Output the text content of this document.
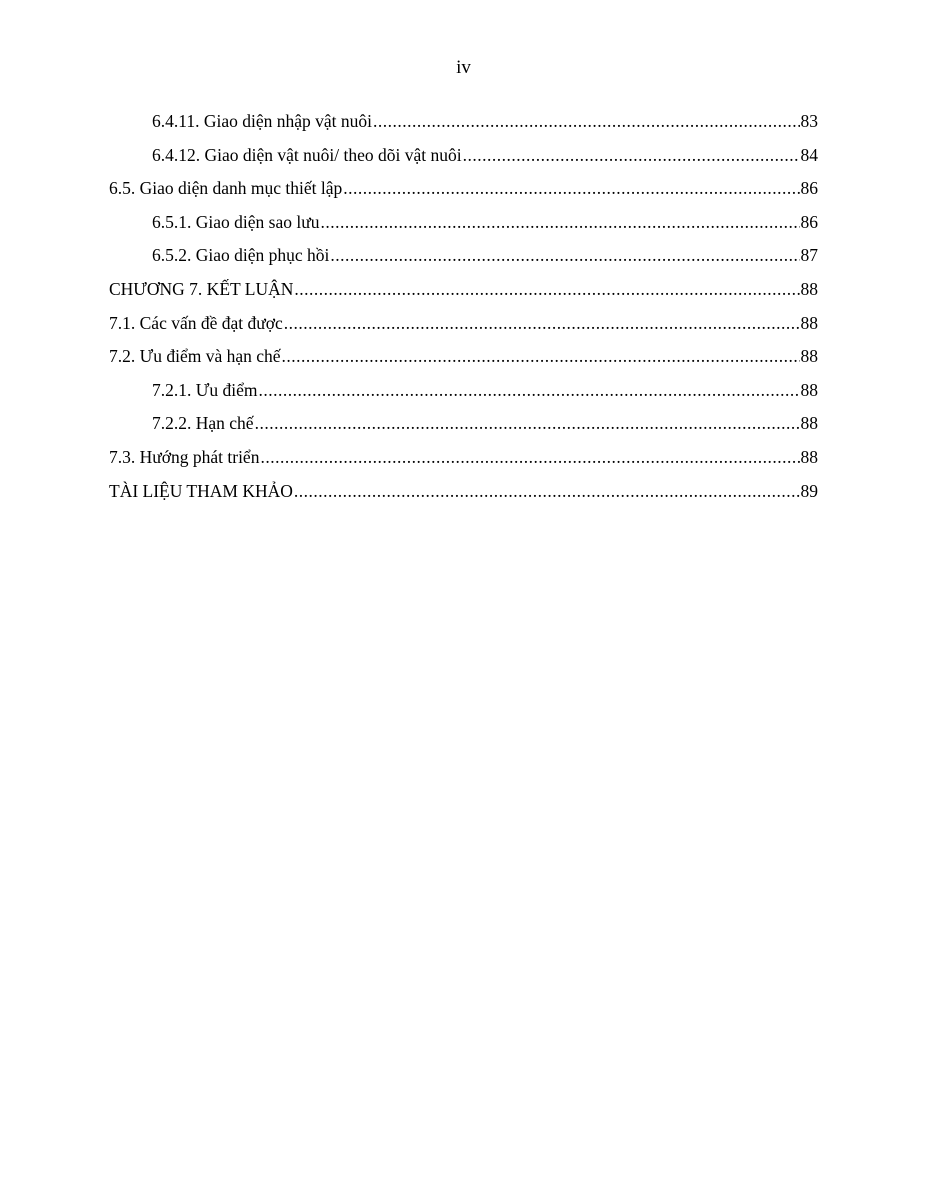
iv
6.4.11. Giao diện nhập vật nuôi .....	83
6.4.12. Giao diện vật nuôi/ theo dõi vật nuôi .....	84
6.5. Giao diện danh mục thiết lập .....	86
6.5.1. Giao diện sao lưu .....	86
6.5.2. Giao diện phục hồi .....	87
CHƯƠNG 7. KẾT LUẬN .....	88
7.1. Các vấn đề đạt được .....	88
7.2. Ưu điểm và hạn chế .....	88
7.2.1. Ưu điểm .....	88
7.2.2. Hạn chế .....	88
7.3. Hướng phát triển .....	88
TÀI LIỆU THAM KHẢO .....	89
